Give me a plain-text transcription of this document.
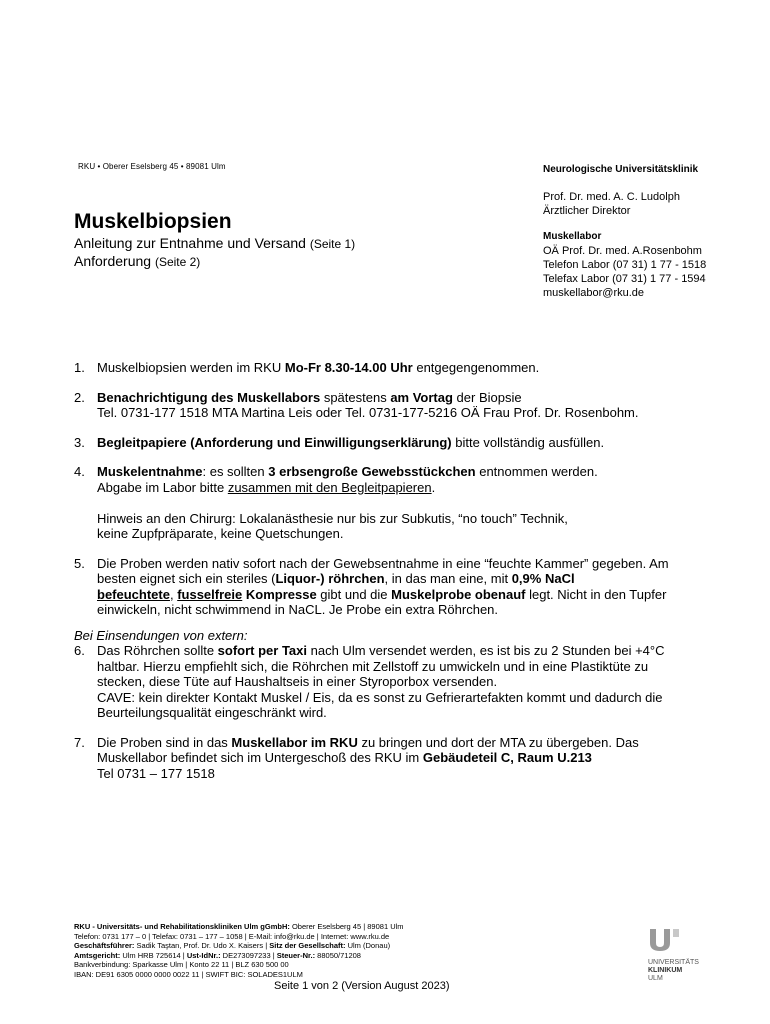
RKU • Oberer Eselsberg 45 • 89081 Ulm	Neurologische Universitätsklinik
Prof. Dr. med. A. C. Ludolph
Ärztlicher Direktor
Muskellabor
OÄ Prof. Dr. med. A.Rosenbohm
Telefon Labor (07 31) 1 77 - 1518
Telefax Labor (07 31) 1 77 - 1594
muskellabor@rku.de
Muskelbiopsien
Anleitung zur Entnahme und Versand (Seite 1)
Anforderung (Seite 2)
1. Muskelbiopsien werden im RKU Mo-Fr 8.30-14.00 Uhr entgegengenommen.
2. Benachrichtigung des Muskellabors spätestens am Vortag der Biopsie
Tel. 0731-177 1518 MTA Martina Leis oder Tel. 0731-177-5216 OÄ Frau Prof. Dr. Rosenbohm.
3. Begleitpapiere (Anforderung und Einwilligungserklärung) bitte vollständig ausfüllen.
4. Muskelentnahme: es sollten 3 erbsengroße Gewebsstückchen entnommen werden.
Abgabe im Labor bitte zusammen mit den Begleitpapieren.

Hinweis an den Chirurg: Lokalanästhesie nur bis zur Subkutis, “no touch” Technik,
keine Zupfpräparate, keine Quetschungen.
5. Die Proben werden nativ sofort nach der Gewebsentnahme in eine “feuchte Kammer” gegeben. Am
besten eignet sich ein steriles (Liquor-) röhrchen, in das man eine, mit 0,9% NaCl
befeuchtete, fusselfreie Kompresse gibt und die Muskelprobe obenauf legt. Nicht in den Tupfer
einwickeln, nicht schwimmend in NaCL. Je Probe ein extra Röhrchen.
Bei Einsendungen von extern:
6. Das Röhrchen sollte sofort per Taxi nach Ulm versendet werden, es ist bis zu 2 Stunden bei +4°C
haltbar. Hierzu empfiehlt sich, die Röhrchen mit Zellstoff zu umwickeln und in eine Plastiktüte zu
stecken, diese Tüte auf Haushaltseis in einer Styroporbox versenden.
CAVE: kein direkter Kontakt Muskel / Eis, da es sonst zu Gefrierartefakten kommt und dadurch die
Beurteilungsqualität eingeschränkt wird.
7. Die Proben sind in das Muskellabor im RKU zu bringen und dort der MTA zu übergeben. Das
Muskellabor befindet sich im Untergeschoß des RKU im Gebäudeteil C, Raum U.213
Tel 0731 – 177 1518
RKU - Universitäts- und Rehabilitationskliniken Ulm gGmbH: Oberer Eselsberg 45 | 89081 Ulm
Telefon: 0731 177 – 0 | Telefax: 0731 – 177 – 1058 | E-Mail: info@rku.de | Internet: www.rku.de
Geschäftsführer: Sadik Taştan, Prof. Dr. Udo X. Kaisers | Sitz der Gesellschaft: Ulm (Donau)
Amtsgericht: Ulm HRB 725614 | Ust-IdNr.: DE273097233 | Steuer-Nr.: 88050/71208
Bankverbindung: Sparkasse Ulm | Konto 22 11 | BLZ 630 500 00
IBAN: DE91 6305 0000 0000 0022 11 | SWIFT BIC: SOLADES1ULM
Seite 1 von 2 (Version August 2023)
UNIVERSITÄTS
KLINIKUM
ULM
